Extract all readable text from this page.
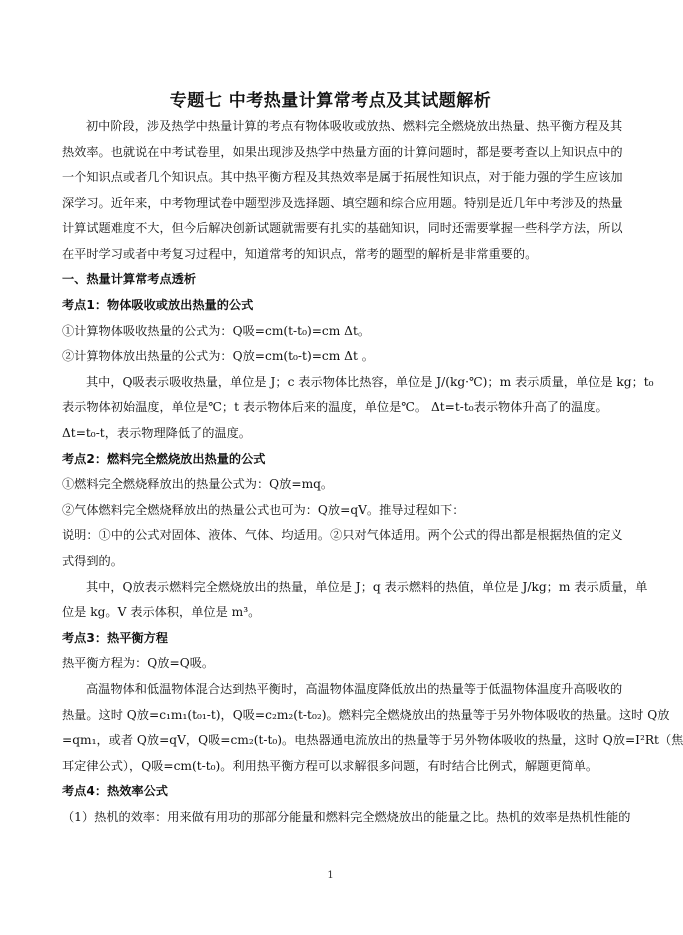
专题七 中考热量计算常考点及其试题解析
初中阶段，涉及热学中热量计算的考点有物体吸收或放热、燃料完全燃烧放出热量、热平衡方程及其
热效率。也就说在中考试卷里，如果出现涉及热学中热量方面的计算问题时，都是要考查以上知识点中的
一个知识点或者几个知识点。其中热平衡方程及其热效率是属于拓展性知识点，对于能力强的学生应该加
深学习。近年来，中考物理试卷中题型涉及选择题、填空题和综合应用题。特别是近几年中考涉及的热量
计算试题难度不大，但今后解决创新试题就需要有扎实的基础知识，同时还需要掌握一些科学方法，所以
在平时学习或者中考复习过程中，知道常考的知识点，常考的题型的解析是非常重要的。
一、热量计算常考点透析
考点1：物体吸收或放出热量的公式
①计算物体吸收热量的公式为：Q吸=cm(t-t₀)=cm Δt。
②计算物体放出热量的公式为：Q放=cm(t₀-t)=cm Δt 。
其中，Q吸表示吸收热量，单位是 J；c 表示物体比热容，单位是 J/(kg·℃)；m 表示质量，单位是 kg；t₀
表示物体初始温度，单位是℃；t 表示物体后来的温度，单位是℃。 Δt=t-t₀表示物体升高了的温度。
Δt=t₀-t，表示物理降低了的温度。
考点2：燃料完全燃烧放出热量的公式
①燃料完全燃烧释放出的热量公式为：Q放=mq。
②气体燃料完全燃烧释放出的热量公式也可为：Q放=qV。推导过程如下：
说明：①中的公式对固体、液体、气体、均适用。②只对气体适用。两个公式的得出都是根据热值的定义
式得到的。
其中，Q放表示燃料完全燃烧放出的热量，单位是 J；q 表示燃料的热值，单位是 J/kg；m 表示质量，单
位是 kg。V 表示体积，单位是 m³。
考点3：热平衡方程
热平衡方程为：Q放=Q吸。
高温物体和低温物体混合达到热平衡时，高温物体温度降低放出的热量等于低温物体温度升高吸收的
热量。这时 Q放=c₁m₁(t₀₁-t)，Q吸=c₂m₂(t-t₀₂)。燃料完全燃烧放出的热量等于另外物体吸收的热量。这时 Q放
=qm₁，或者 Q放=qV，Q吸=cm₂(t-t₀)。电热器通电流放出的热量等于另外物体吸收的热量，这时 Q放=I²Rt（焦
耳定律公式），Q吸=cm(t-t₀)。利用热平衡方程可以求解很多问题，有时结合比例式，解题更简单。
考点4：热效率公式
（1）热机的效率：用来做有用功的那部分能量和燃料完全燃烧放出的能量之比。热机的效率是热机性能的
1
